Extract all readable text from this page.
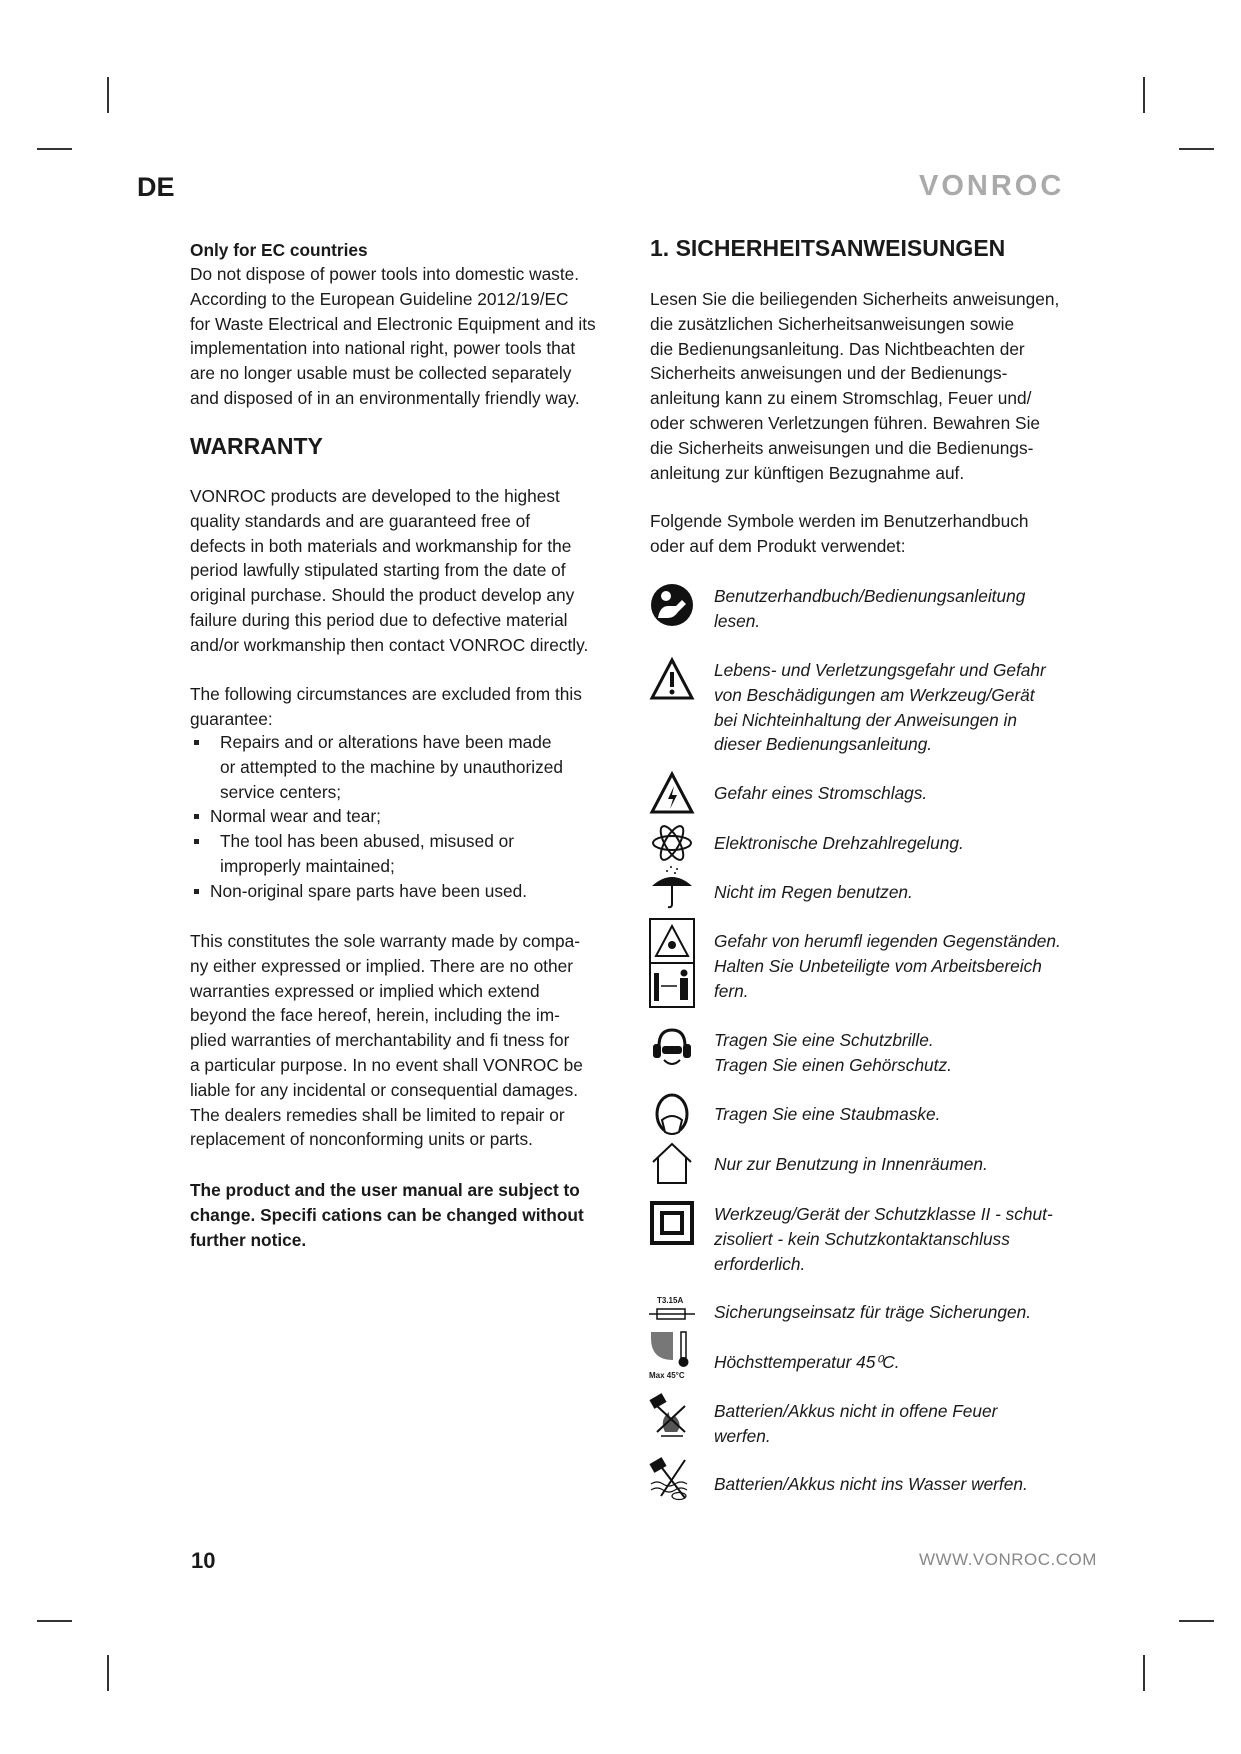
DE	VONROC
Only for EC countries
Do not dispose of power tools into domestic waste.
According to the European Guideline 2012/19/EC
for Waste Electrical and Electronic Equipment and its
implementation into national right, power tools that
are no longer usable must be collected separately
and disposed of in an environmentally friendly way.
WARRANTY
VONROC products are developed to the highest
quality standards and are guaranteed free of
defects in both materials and workmanship for the
period lawfully stipulated starting from the date of
original purchase. Should the product develop any
failure during this period due to defective material
and/or workmanship then contact VONROC directly.
The following circumstances are excluded from this
guarantee:
Repairs and or alterations have been made
or attempted to the machine by unauthorized
service centers;
Normal wear and tear;
The tool has been abused, misused or
improperly maintained;
Non-original spare parts have been used.
This constitutes the sole warranty made by compa-
ny either expressed or implied. There are no other
warranties expressed or implied which extend
beyond the face hereof, herein, including the im-
plied warranties of merchantability and fi tness for
a particular purpose. In no event shall VONROC be
liable for any incidental or consequential damages.
The dealers remedies shall be limited to repair or
replacement of nonconforming units or parts.
The product and the user manual are subject to
change. Specifi cations can be changed without
further notice.
1. SICHERHEITSANWEISUNGEN
Lesen Sie die beiliegenden Sicherheits anweisungen,
die zusätzlichen Sicherheitsanweisungen sowie
die Bedienungsanleitung. Das Nichtbeachten der
Sicherheits anweisungen und der Bedienungs-
anleitung kann zu einem Stromschlag, Feuer und/
oder schweren Verletzungen führen. Bewahren Sie
die Sicherheits anweisungen und die Bedienungs-
anleitung zur künftigen Bezugnahme auf.
Folgende Symbole werden im Benutzerhandbuch
oder auf dem Produkt verwendet:
T3.15A
Max 45°C
Benutzerhandbuch/Bedienungsanleitung
lesen.
Lebens- und Verletzungsgefahr und Gefahr
von Beschädigungen am Werkzeug/Gerät
bei Nichteinhaltung der Anweisungen in
dieser Bedienungsanleitung.
Gefahr eines Stromschlags.
Elektronische Drehzahlregelung.
Nicht im Regen benutzen.
Gefahr von herumfl iegenden Gegenständen.
Halten Sie Unbeteiligte vom Arbeitsbereich
fern.
Tragen Sie eine Schutzbrille.
Tragen Sie einen Gehörschutz.
Tragen Sie eine Staubmaske.
Nur zur Benutzung in Innenräumen.
Werkzeug/Gerät der Schutzklasse II - schut-
zisoliert - kein Schutzkontaktanschluss
erforderlich.
Sicherungseinsatz für träge Sicherungen.
Höchsttemperatur 45⁰C.
Batterien/Akkus nicht in offene Feuer
werfen.
Batterien/Akkus nicht ins Wasser werfen.
10	WWW.VONROC.COM
